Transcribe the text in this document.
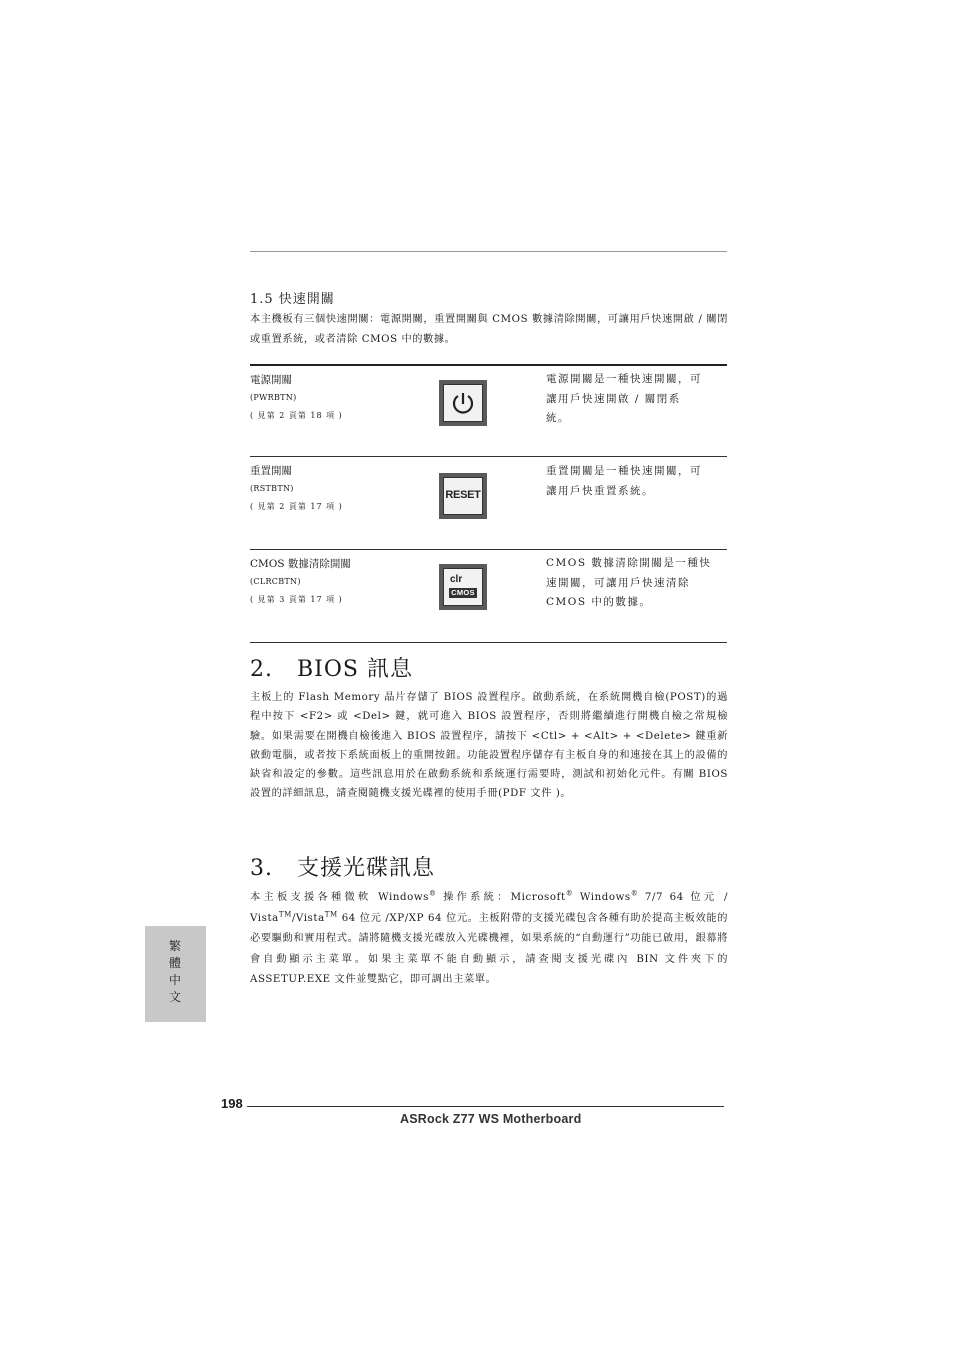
1.5 快速開關
本主機板有三個快速開關：電源開關，重置開關與 CMOS 數據清除開關，可讓用戶快速開啟 / 關閉或重置系統，或者清除 CMOS 中的數據。
電源開關
(PWRBTN)
( 見第 2 頁第 18 項 )
電源開關是一種快速開關，可
讓用戶快速開啟 / 關閉系
統。
重置開關
(RSTBTN)
( 見第 2 頁第 17 項 )
RESET
重置開關是一種快速開關，可
讓用戶快重置系統。
CMOS 數據清除開關
(CLRCBTN)
( 見第 3 頁第 17 項 )
clr
CMOS
CMOS 數據清除開關是一種快
速開關，可讓用戶快速清除
CMOS 中的數據。
2. BIOS 訊息
主板上的 Flash Memory 晶片存儲了 BIOS 設置程序。啟動系統，在系統開機自檢(POST)的過程中按下 <F2> 或 <Del> 鍵，就可進入 BIOS 設置程序，否則將繼續進行開機自檢之常規檢驗。如果需要在開機自檢後進入 BIOS 設置程序，請按下 <Ctl> + <Alt> + <Delete> 鍵重新啟動電腦，或者按下系統面板上的重開按鈕。功能設置程序儲存有主板自身的和連接在其上的設備的缺省和設定的參數。這些訊息用於在啟動系統和系統運行需要時，測試和初始化元件。有關 BIOS 設置的詳細訊息，請查閱隨機支援光碟裡的使用手冊(PDF 文件 )。
3. 支援光碟訊息
本主板支援各種微軟 Windows® 操作系統：Microsoft® Windows® 7/7 64 位元 / Vista™/Vista™ 64 位元 /XP/XP 64 位元。主板附帶的支援光碟包含各種有助於提高主板效能的必要驅動和實用程式。請將隨機支援光碟放入光碟機裡，如果系統的“自動運行”功能已啟用，銀幕將會自動顯示主菜單。如果主菜單不能自動顯示，請查閱支援光碟內 BIN 文件夾下的 ASSETUP.EXE 文件並雙點它，即可調出主菜單。
繁體中文
198
ASRock Z77 WS Motherboard
